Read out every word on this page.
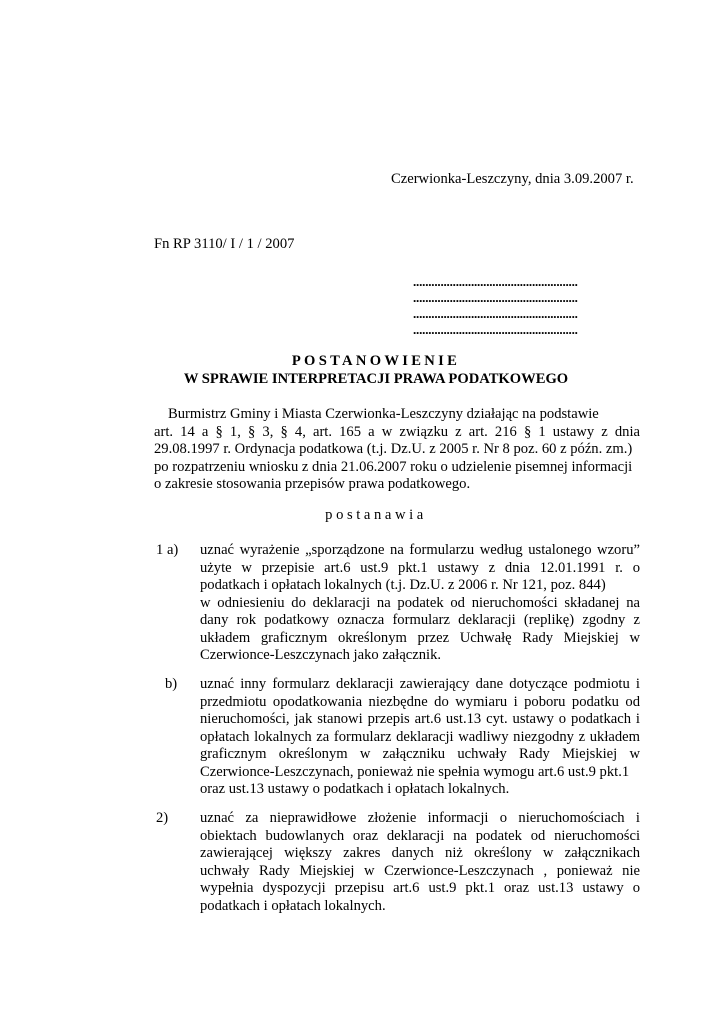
Czerwionka-Leszczyny, dnia 3.09.2007 r.
Fn RP 3110/ I / 1 / 2007
......................................................
......................................................
......................................................
......................................................
POSTANOWIENIE
W SPRAWIE INTERPRETACJI PRAWA PODATKOWEGO
Burmistrz Gminy i Miasta Czerwionka-Leszczyny działając na podstawie
art. 14 a § 1, § 3, § 4, art. 165 a w związku z art. 216 § 1 ustawy z dnia
29.08.1997 r. Ordynacja podatkowa (t.j. Dz.U. z 2005 r. Nr 8 poz. 60 z późn. zm.)
po rozpatrzeniu wniosku z dnia 21.06.2007 roku o udzielenie pisemnej informacji
o zakresie stosowania przepisów prawa podatkowego.
postanawia
1 a) uznać wyrażenie „sporządzone na formularzu według ustalonego wzoru”
użyte w przepisie art.6 ust.9 pkt.1 ustawy z dnia 12.01.1991 r. o
podatkach i opłatach lokalnych (t.j. Dz.U. z 2006 r. Nr 121, poz. 844)
w odniesieniu do deklaracji na podatek od nieruchomości składanej na
dany rok podatkowy oznacza formularz deklaracji (replikę) zgodny z
układem graficznym określonym przez Uchwałę Rady Miejskiej w
Czerwionce-Leszczynach jako załącznik.
b) uznać inny formularz deklaracji zawierający dane dotyczące podmiotu i
przedmiotu opodatkowania niezbędne do wymiaru i poboru podatku od
nieruchomości, jak stanowi przepis art.6 ust.13 cyt. ustawy o podatkach i
opłatach lokalnych za formularz deklaracji wadliwy niezgodny z układem
graficznym określonym w załączniku uchwały Rady Miejskiej w
Czerwionce-Leszczynach, ponieważ nie spełnia wymogu art.6 ust.9 pkt.1
oraz ust.13 ustawy o podatkach i opłatach lokalnych.
2) uznać za nieprawidłowe złożenie informacji o nieruchomościach i
obiektach budowlanych oraz deklaracji na podatek od nieruchomości
zawierającej większy zakres danych niż określony w załącznikach
uchwały Rady Miejskiej w Czerwionce-Leszczynach , ponieważ nie
wypełnia dyspozycji przepisu art.6 ust.9 pkt.1 oraz ust.13 ustawy o
podatkach i opłatach lokalnych.
